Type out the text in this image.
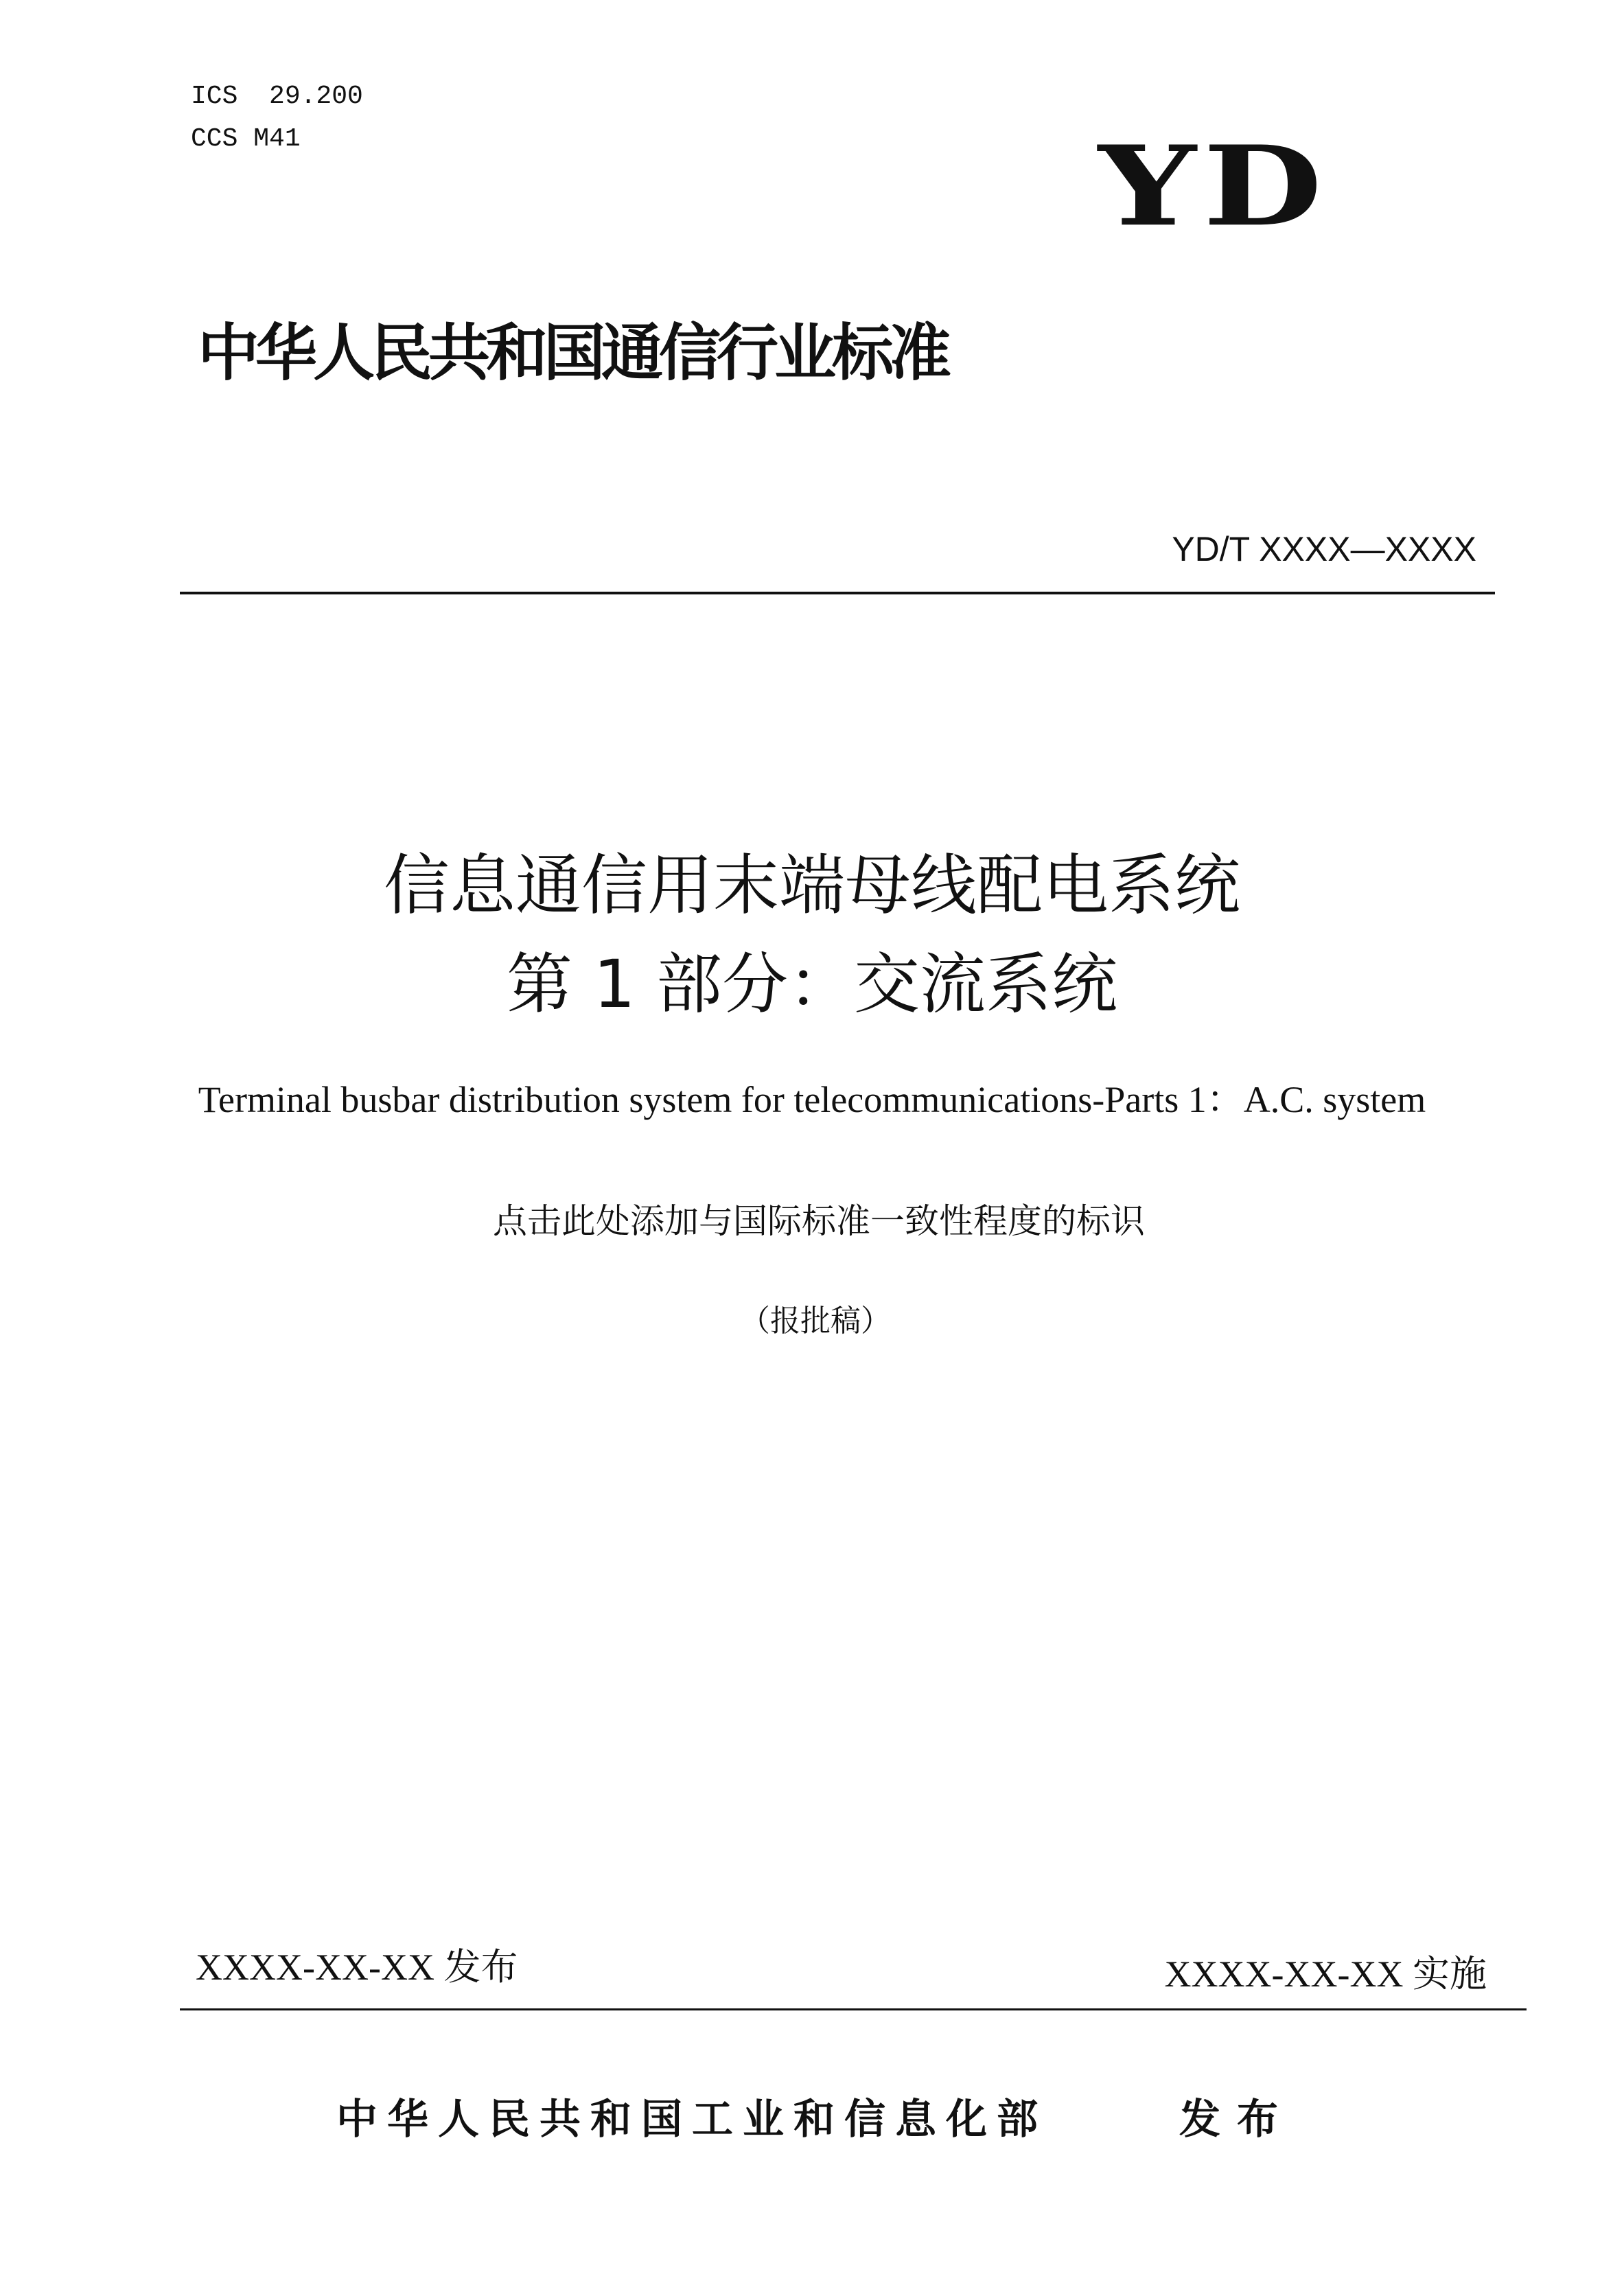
ICS  29.200
CCS M41	YD
中华人民共和国通信行业标准
YD/T XXXX—XXXX
信息通信用末端母线配电系统
第 1 部分：交流系统
Terminal busbar distribution system for telecommunications-Parts 1：A.C. system
点击此处添加与国际标准一致性程度的标识
（报批稿）
XXXX-XX-XX 发布	XXXX-XX-XX 实施
中华人民共和国工业和信息化部	发布
